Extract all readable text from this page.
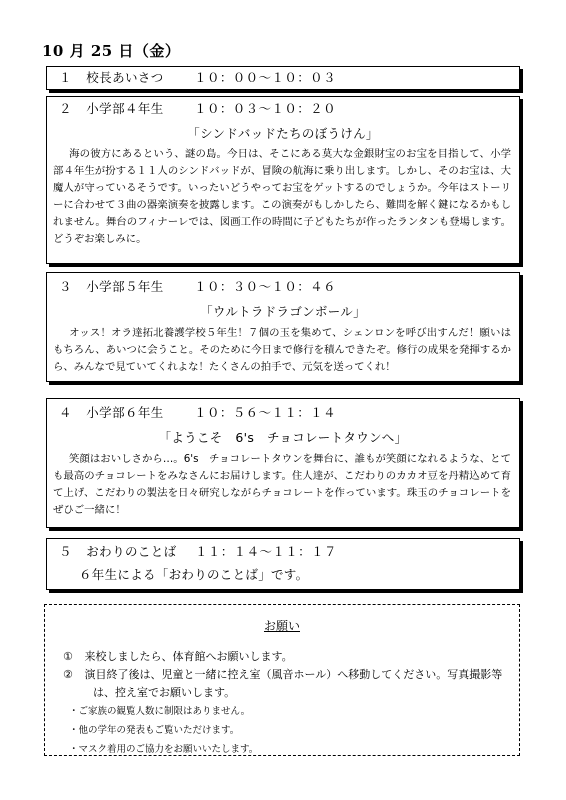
10 月 25 日（金）
１ 校長あいさつ １０：００～１０：０３
２ 小学部４年生 １０：０３～１０：２０
「シンドバッドたちのぼうけん」
海の彼方にあるという、謎の島。今日は、そこにある莫大な金銀財宝のお宝を目指して、小学部４年生が扮する１１人のシンドバッドが、冒険の航海に乗り出します。しかし、そのお宝は、大魔人が守っているそうです。いったいどうやってお宝をゲットするのでしょうか。今年はストーリーに合わせて３曲の器楽演奏を披露します。この演奏がもしかしたら、難問を解く鍵になるかもしれません。舞台のフィナーレでは、図画工作の時間に子どもたちが作ったランタンも登場します。どうぞお楽しみに。
３ 小学部５年生 １０：３０～１０：４６
「ウルトラドラゴンボール」
オッス！オラ達拓北養護学校５年生！７個の玉を集めて、シェンロンを呼び出すんだ！願いはもちろん、あいつに会うこと。そのために今日まで修行を積んできたぞ。修行の成果を発揮するから、みんなで見ていてくれよな！たくさんの拍手で、元気を送ってくれ！
４ 小学部６年生 １０：５６～１１：１４
「ようこそ　6's　チョコレートタウンへ」
笑顔はおいしさから…。6's　チョコレートタウンを舞台に、誰もが笑顔になれるような、とても最高のチョコレートをみなさんにお届けします。住人達が、こだわりのカカオ豆を丹精込めて育て上げ、こだわりの製法を日々研究しながらチョコレートを作っています。珠玉のチョコレートをぜひご一緒に！
５ おわりのことば １１：１４～１１：１７
６年生による「おわりのことば」です。
お願い
① 来校しましたら、体育館へお願いします。
② 演目終了後は、児童と一緒に控え室（風音ホール）へ移動してください。写真撮影等
は、控え室でお願いします。
・ご家族の観覧人数に制限はありません。
・他の学年の発表もご覧いただけます。
・マスク着用のご協力をお願いいたします。
